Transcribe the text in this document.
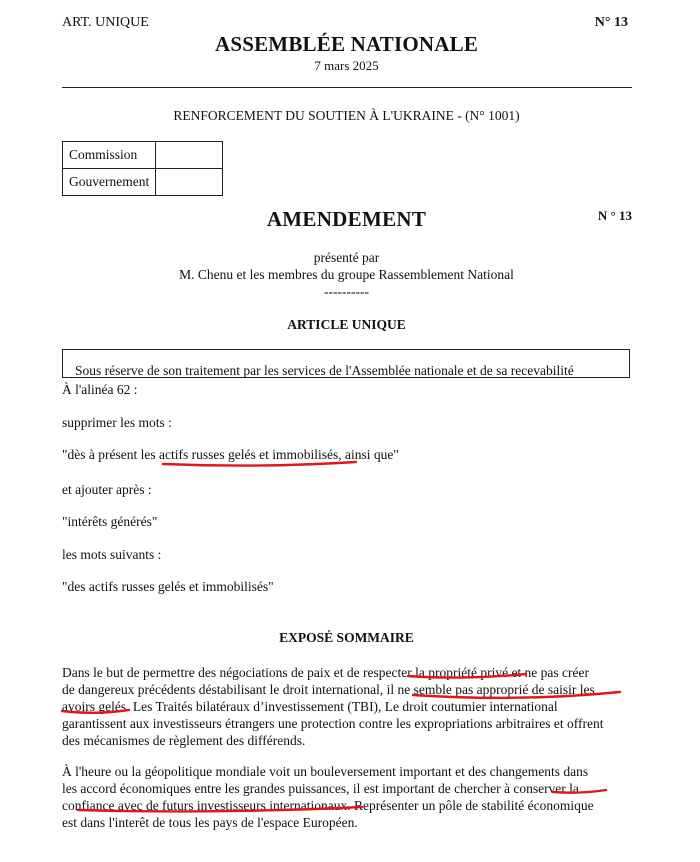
ART. UNIQUE	N° 13
ASSEMBLÉE NATIONALE
7 mars 2025
RENFORCEMENT DU SOUTIEN À L'UKRAINE - (N° 1001)
Commission	
Gouvernement	
AMENDEMENT	N ° 13
présenté par
M. Chenu et les membres du groupe Rassemblement National
----------
ARTICLE UNIQUE
Sous réserve de son traitement par les services de l'Assemblée nationale et de sa recevabilité
À l'alinéa 62 :
supprimer les mots :
"dès à présent les actifs russes gelés et immobilisés, ainsi que"
et ajouter après :
"intérêts générés"
les mots suivants :
"des actifs russes gelés et immobilisés"
EXPOSÉ SOMMAIRE
Dans le but de permettre des négociations de paix et de respecter la propriété privé et ne pas créer
de dangereux précédents déstabilisant le droit international, il ne semble pas approprié de saisir les
avoirs gelés. Les Traités bilatéraux d’investissement (TBI), Le droit coutumier international
garantissent aux investisseurs étrangers une protection contre les expropriations arbitraires et offrent
des mécanismes de règlement des différends.
À l'heure ou la géopolitique mondiale voit un bouleversement important et des changements dans
les accord économiques entre les grandes puissances, il est important de chercher à conserver la
confiance avec de futurs investisseurs internationaux. Représenter un pôle de stabilité économique
est dans l'interêt de tous les pays de l'espace Européen.
